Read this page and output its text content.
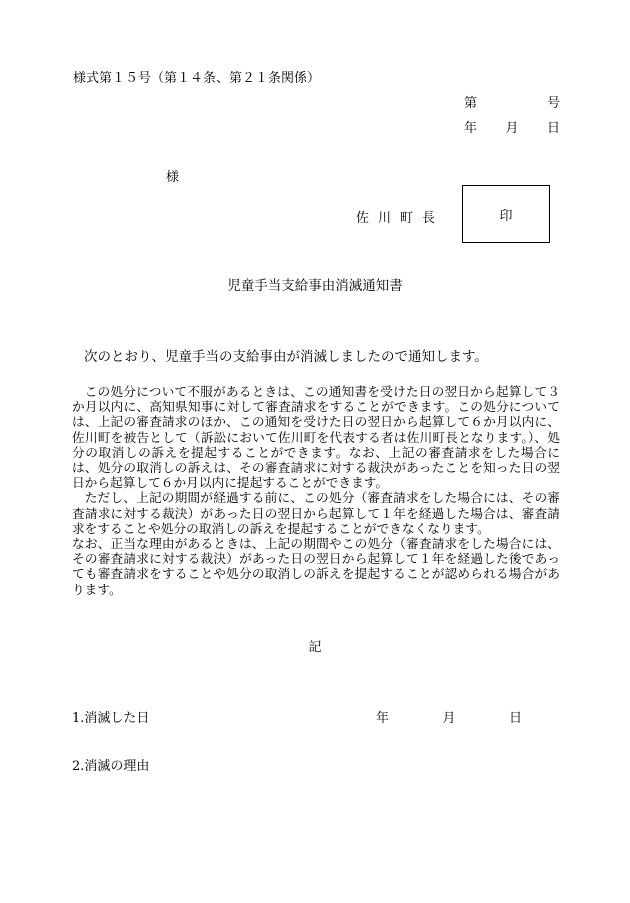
様式第１５号（第１４条、第２１条関係）
第	号
年 月 日
様
佐 川 町 長	印
児童手当支給事由消滅通知書
次のとおり、児童手当の支給事由が消滅しましたので通知します。

この処分について不服があるときは、この通知書を受けた日の翌日から起算して３か月以内に、高知県知事に対して審査請求をすることができます。この処分については、上記の審査請求のほか、この通知を受けた日の翌日から起算して６か月以内に、佐川町を被告として（訴訟において佐川町を代表する者は佐川町長となります。）、処分の取消しの訴えを提起することができます。なお、上記の審査請求をした場合には、処分の取消しの訴えは、その審査請求に対する裁決があったことを知った日の翌日から起算して６か月以内に提起することができます。

ただし、上記の期間が経過する前に、この処分（審査請求をした場合には、その審査請求に対する裁決）があった日の翌日から起算して１年を経過した場合は、審査請求をすることや処分の取消しの訴えを提起することができなくなります。

なお、正当な理由があるときは、上記の期間やこの処分（審査請求をした場合には、その審査請求に対する裁決）があった日の翌日から起算して１年を経過した後であっても審査請求をすることや処分の取消しの訴えを提起することが認められる場合があります。

記
1.消滅した日	年	月	日
2.消滅の理由
